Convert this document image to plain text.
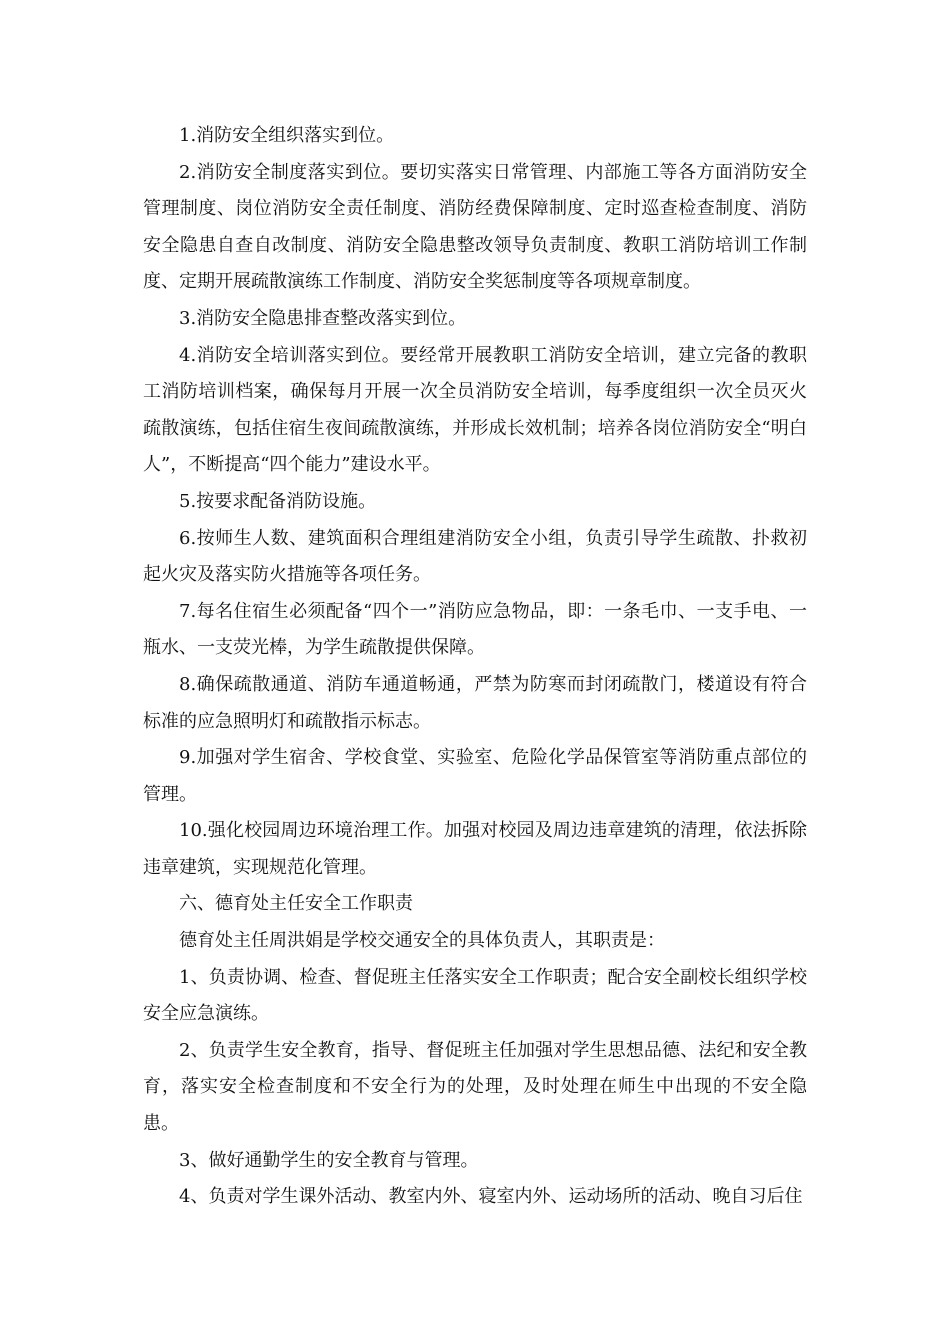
1.消防安全组织落实到位。

2.消防安全制度落实到位。要切实落实日常管理、内部施工等各方面消防安全管理制度、岗位消防安全责任制度、消防经费保障制度、定时巡查检查制度、消防安全隐患自查自改制度、消防安全隐患整改领导负责制度、教职工消防培训工作制度、定期开展疏散演练工作制度、消防安全奖惩制度等各项规章制度。

3.消防安全隐患排查整改落实到位。

4.消防安全培训落实到位。要经常开展教职工消防安全培训，建立完备的教职工消防培训档案，确保每月开展一次全员消防安全培训，每季度组织一次全员灭火疏散演练，包括住宿生夜间疏散演练，并形成长效机制；培养各岗位消防安全“明白人”，不断提高“四个能力”建设水平。

5.按要求配备消防设施。

6.按师生人数、建筑面积合理组建消防安全小组，负责引导学生疏散、扑救初起火灾及落实防火措施等各项任务。

7.每名住宿生必须配备“四个一”消防应急物品，即：一条毛巾、一支手电、一瓶水、一支荧光棒，为学生疏散提供保障。

8.确保疏散通道、消防车通道畅通，严禁为防寒而封闭疏散门，楼道设有符合标准的应急照明灯和疏散指示标志。

9.加强对学生宿舍、学校食堂、实验室、危险化学品保管室等消防重点部位的管理。

10.强化校园周边环境治理工作。加强对校园及周边违章建筑的清理，依法拆除违章建筑，实现规范化管理。

六、德育处主任安全工作职责

德育处主任周洪娟是学校交通安全的具体负责人，其职责是：

1、负责协调、检查、督促班主任落实安全工作职责；配合安全副校长组织学校安全应急演练。

2、负责学生安全教育，指导、督促班主任加强对学生思想品德、法纪和安全教育，落实安全检查制度和不安全行为的处理，及时处理在师生中出现的不安全隐患。

3、做好通勤学生的安全教育与管理。

4、负责对学生课外活动、教室内外、寝室内外、运动场所的活动、晚自习后住
